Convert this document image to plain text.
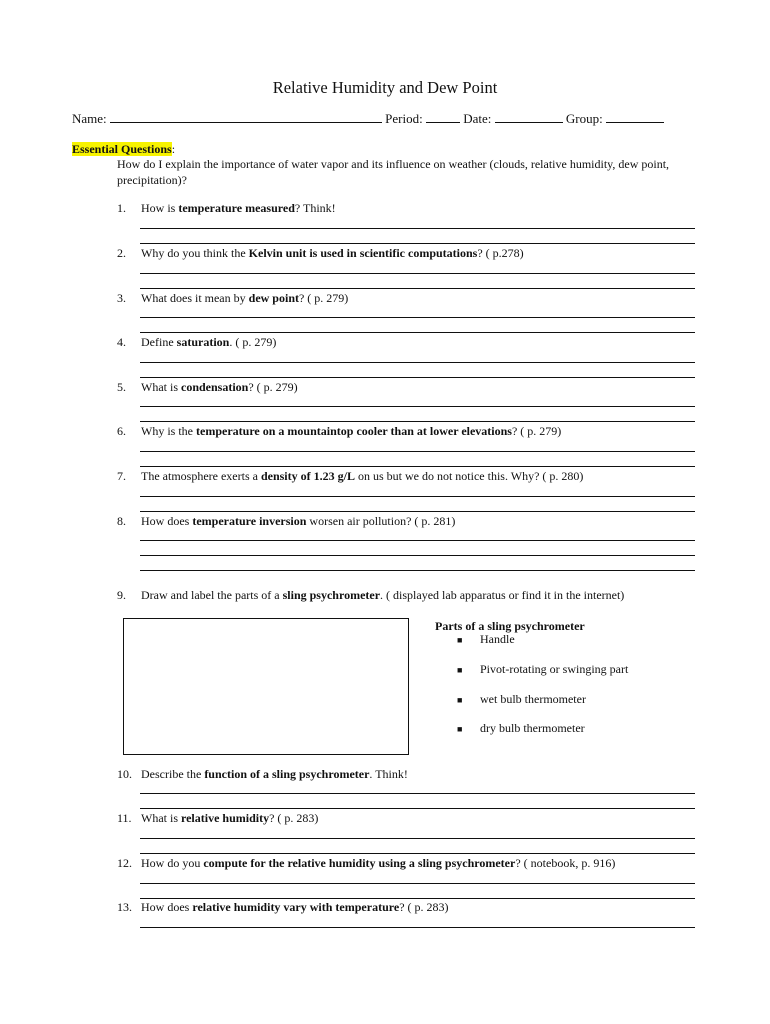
Relative Humidity and Dew Point
Name:	Period:	Date:	Group:
Essential Questions:
How do I explain the importance of water vapor and its influence on weather (clouds, relative humidity, dew point, precipitation)?
1. How is temperature measured? Think!
2. Why do you think the Kelvin unit is used in scientific computations? ( p.278)
3. What does it mean by dew point? ( p. 279)
4. Define saturation. ( p. 279)
5. What is condensation? ( p. 279)
6. Why is the temperature on a mountaintop cooler than at lower elevations? ( p. 279)
7. The atmosphere exerts a density of 1.23 g/L on us but we do not notice this. Why? ( p. 280)
8. How does temperature inversion worsen air pollution? ( p. 281)
9. Draw and label the parts of a sling psychrometer. ( displayed lab apparatus or find it in the internet)
Parts of a sling psychrometer
■ Handle
■ Pivot-rotating or swinging part
■ wet bulb thermometer
■ dry bulb thermometer
10. Describe the function of a sling psychrometer. Think!
11. What is relative humidity? ( p. 283)
12. How do you compute for the relative humidity using a sling psychrometer? ( notebook, p. 916)
13. How does relative humidity vary with temperature? ( p. 283)
